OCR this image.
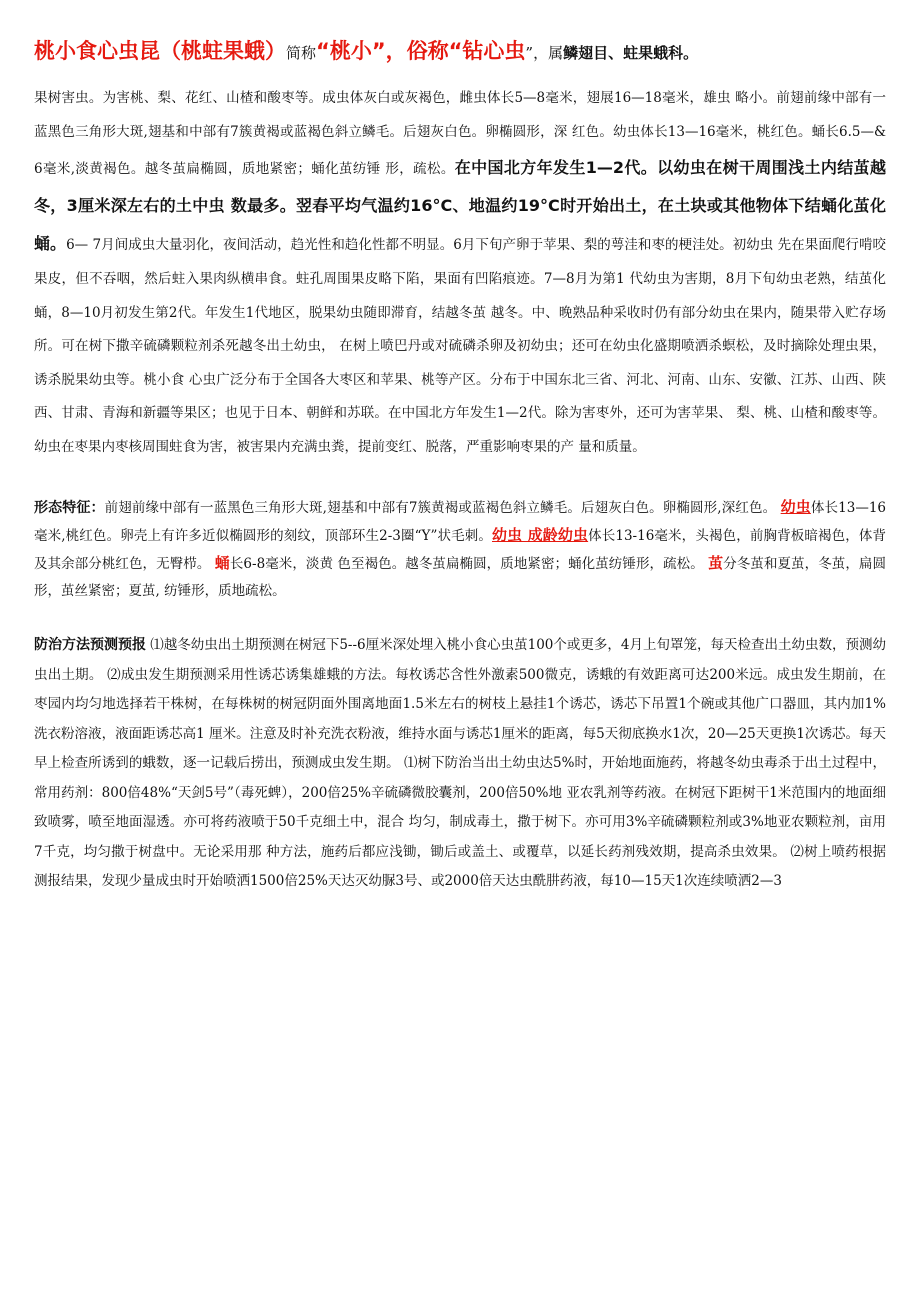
桃小食心虫昆（桃蛀果蛾）简称“桃小”，俗称“钻心虫”，属鳞翅目、蛀果蛾科。

果树害虫。为害桃、梨、花红、山楂和酸枣等。成虫体灰白或灰褐色，雌虫体长5—8毫米，翅展16—18毫米，雄虫 略小。前翅前缘中部有一蓝黑色三角形大斑,翅基和中部有7簇黄褐或蓝褐色斜立鳞毛。后翅灰白色。卵椭圆形，深 红色。幼虫体长13—16毫米，桃红色。蛹长6.5—& 6毫米,淡黄褐色。越冬茧扁椭圆，质地紧密；蛹化茧纺锤 形，疏松。在中国北方年发生1—2代。以幼虫在树干周围浅土内结茧越冬，3厘米深左右的土中虫 数最多。翌春平均气温约16°C、地温约19°C时开始出土，在土块或其他物体下结蛹化茧化蛹。6— 7月间成虫大量羽化，夜间活动，趋光性和趋化性都不明显。6月下旬产卵于苹果、梨的萼洼和枣的梗洼处。初幼虫 先在果面爬行啃咬果皮，但不吞咽，然后蛀入果肉纵横串食。蛀孔周围果皮略下陷，果面有凹陷痕迹。7—8月为第1 代幼虫为害期，8月下旬幼虫老熟，结茧化蛹，8—10月初发生第2代。年发生1代地区，脱果幼虫随即滞育，结越冬茧 越冬。中、晚熟品种采收时仍有部分幼虫在果内，随果带入贮存场所。可在树下撒辛硫磷颗粒剂杀死越冬出土幼虫， 在树上喷巴丹或对硫磷杀卵及初幼虫；还可在幼虫化盛期喷洒杀螟松，及时摘除处理虫果，诱杀脱果幼虫等。桃小食 心虫广泛分布于全国各大枣区和苹果、桃等产区。分布于中国东北三省、河北、河南、山东、安徽、江苏、山西、陕 西、甘肃、青海和新疆等果区；也见于日本、朝鲜和苏联。在中国北方年发生1—2代。除为害枣外，还可为害苹果、 梨、桃、山楂和酸枣等。幼虫在枣果内枣核周围蛀食为害，被害果内充满虫粪，提前变红、脱落，严重影响枣果的产 量和质量。

形态特征：前翅前缘中部有一蓝黑色三角形大斑,翅基和中部有7簇黄褐或蓝褐色斜立鳞毛。后翅灰白色。卵椭圆形,深红色。 幼虫体长13—16毫米,桃红色。卵壳上有许多近似椭圆形的刻纹，顶部环生2-3圈“Y”状毛刺。幼虫 成龄幼虫体长13-16毫米，头褐色，前胸背板暗褐色，体背及其余部分桃红色，无臀栉。 蛹长6-8毫米，淡黄 色至褐色。越冬茧扁椭圆，质地紧密；蛹化茧纺锤形，疏松。 茧分冬茧和夏茧，冬茧，扁圆形，茧丝紧密；夏茧, 纺锤形，质地疏松。

防治方法预测预报 ⑴越冬幼虫出土期预测在树冠下5--6厘米深处埋入桃小食心虫茧100个或更多，4月上旬罩笼，每天检查出土幼虫数，预测幼虫出土期。 ⑵成虫发生期预测采用性诱芯诱集雄蛾的方法。每枚诱芯含性外激素500微克，诱蛾的有效距离可达200米远。成虫发生期前，在枣园内均匀地选择若干株树，在每株树的树冠阴面外围离地面1.5米左右的树枝上悬挂1个诱芯，诱芯下吊置1个碗或其他广口器皿，其内加1%洗衣粉溶液，液面距诱芯高1 厘米。注意及时补充洗衣粉液，维持水面与诱芯1厘米的距离，每5天彻底换水1次，20—25天更换1次诱芯。每天 早上检查所诱到的蛾数，逐一记载后捞出，预测成虫发生期。 ⑴树下防治当出土幼虫达5%时，开始地面施药，将越冬幼虫毒杀于出土过程中，常用药剂：800倍48%“天剑5号”（毒死蜱），200倍25%辛硫磷微胶囊剂，200倍50%地 亚农乳剂等药液。在树冠下距树干1米范围内的地面细致喷雾，喷至地面湿透。亦可将药液喷于50千克细土中，混合 均匀，制成毒土，撒于树下。亦可用3%辛硫磷颗粒剂或3%地亚农颗粒剂，亩用7千克，均匀撒于树盘中。无论采用那 种方法，施药后都应浅锄，锄后或盖土、或覆草，以延长药剂残效期，提高杀虫效果。 ⑵树上喷药根据测报结果，发现少量成虫时开始喷洒1500倍25%天达灭幼脲3号、或2000倍天达虫酰肼药液，每10—15天1次连续喷洒2—3
